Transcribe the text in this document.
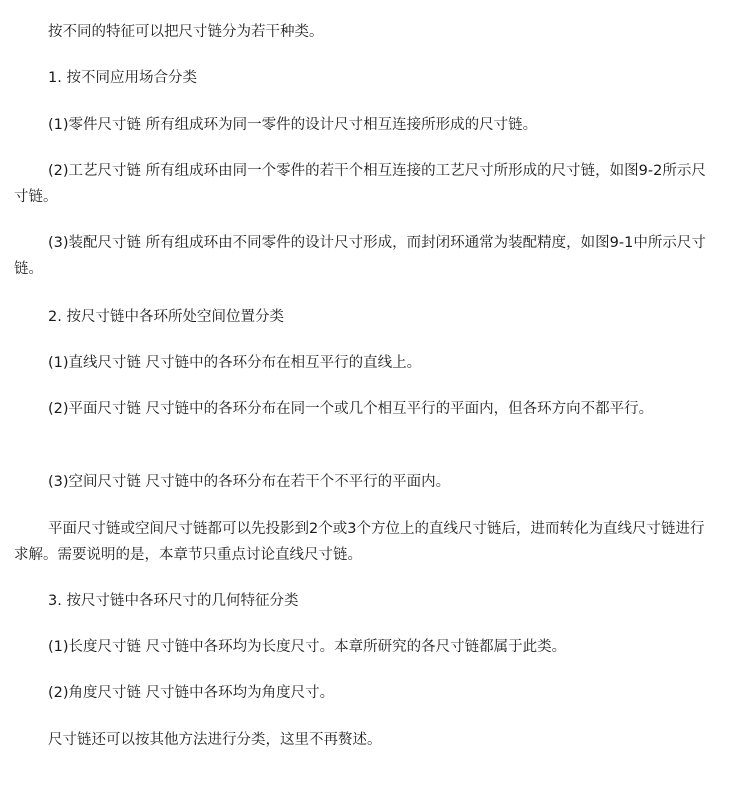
按不同的特征可以把尺寸链分为若干种类。

1. 按不同应用场合分类

(1)零件尺寸链 所有组成环为同一零件的设计尺寸相互连接所形成的尺寸链。

(2)工艺尺寸链 所有组成环由同一个零件的若干个相互连接的工艺尺寸所形成的尺寸链，如图9-2所示尺寸链。

(3)装配尺寸链 所有组成环由不同零件的设计尺寸形成，而封闭环通常为装配精度，如图9-1中所示尺寸链。

2. 按尺寸链中各环所处空间位置分类

(1)直线尺寸链 尺寸链中的各环分布在相互平行的直线上。

(2)平面尺寸链 尺寸链中的各环分布在同一个或几个相互平行的平面内，但各环方向不都平行。

(3)空间尺寸链 尺寸链中的各环分布在若干个不平行的平面内。

平面尺寸链或空间尺寸链都可以先投影到2个或3个方位上的直线尺寸链后，进而转化为直线尺寸链进行求解。需要说明的是，本章节只重点讨论直线尺寸链。

3. 按尺寸链中各环尺寸的几何特征分类

(1)长度尺寸链 尺寸链中各环均为长度尺寸。本章所研究的各尺寸链都属于此类。

(2)角度尺寸链 尺寸链中各环均为角度尺寸。

尺寸链还可以按其他方法进行分类，这里不再赘述。
